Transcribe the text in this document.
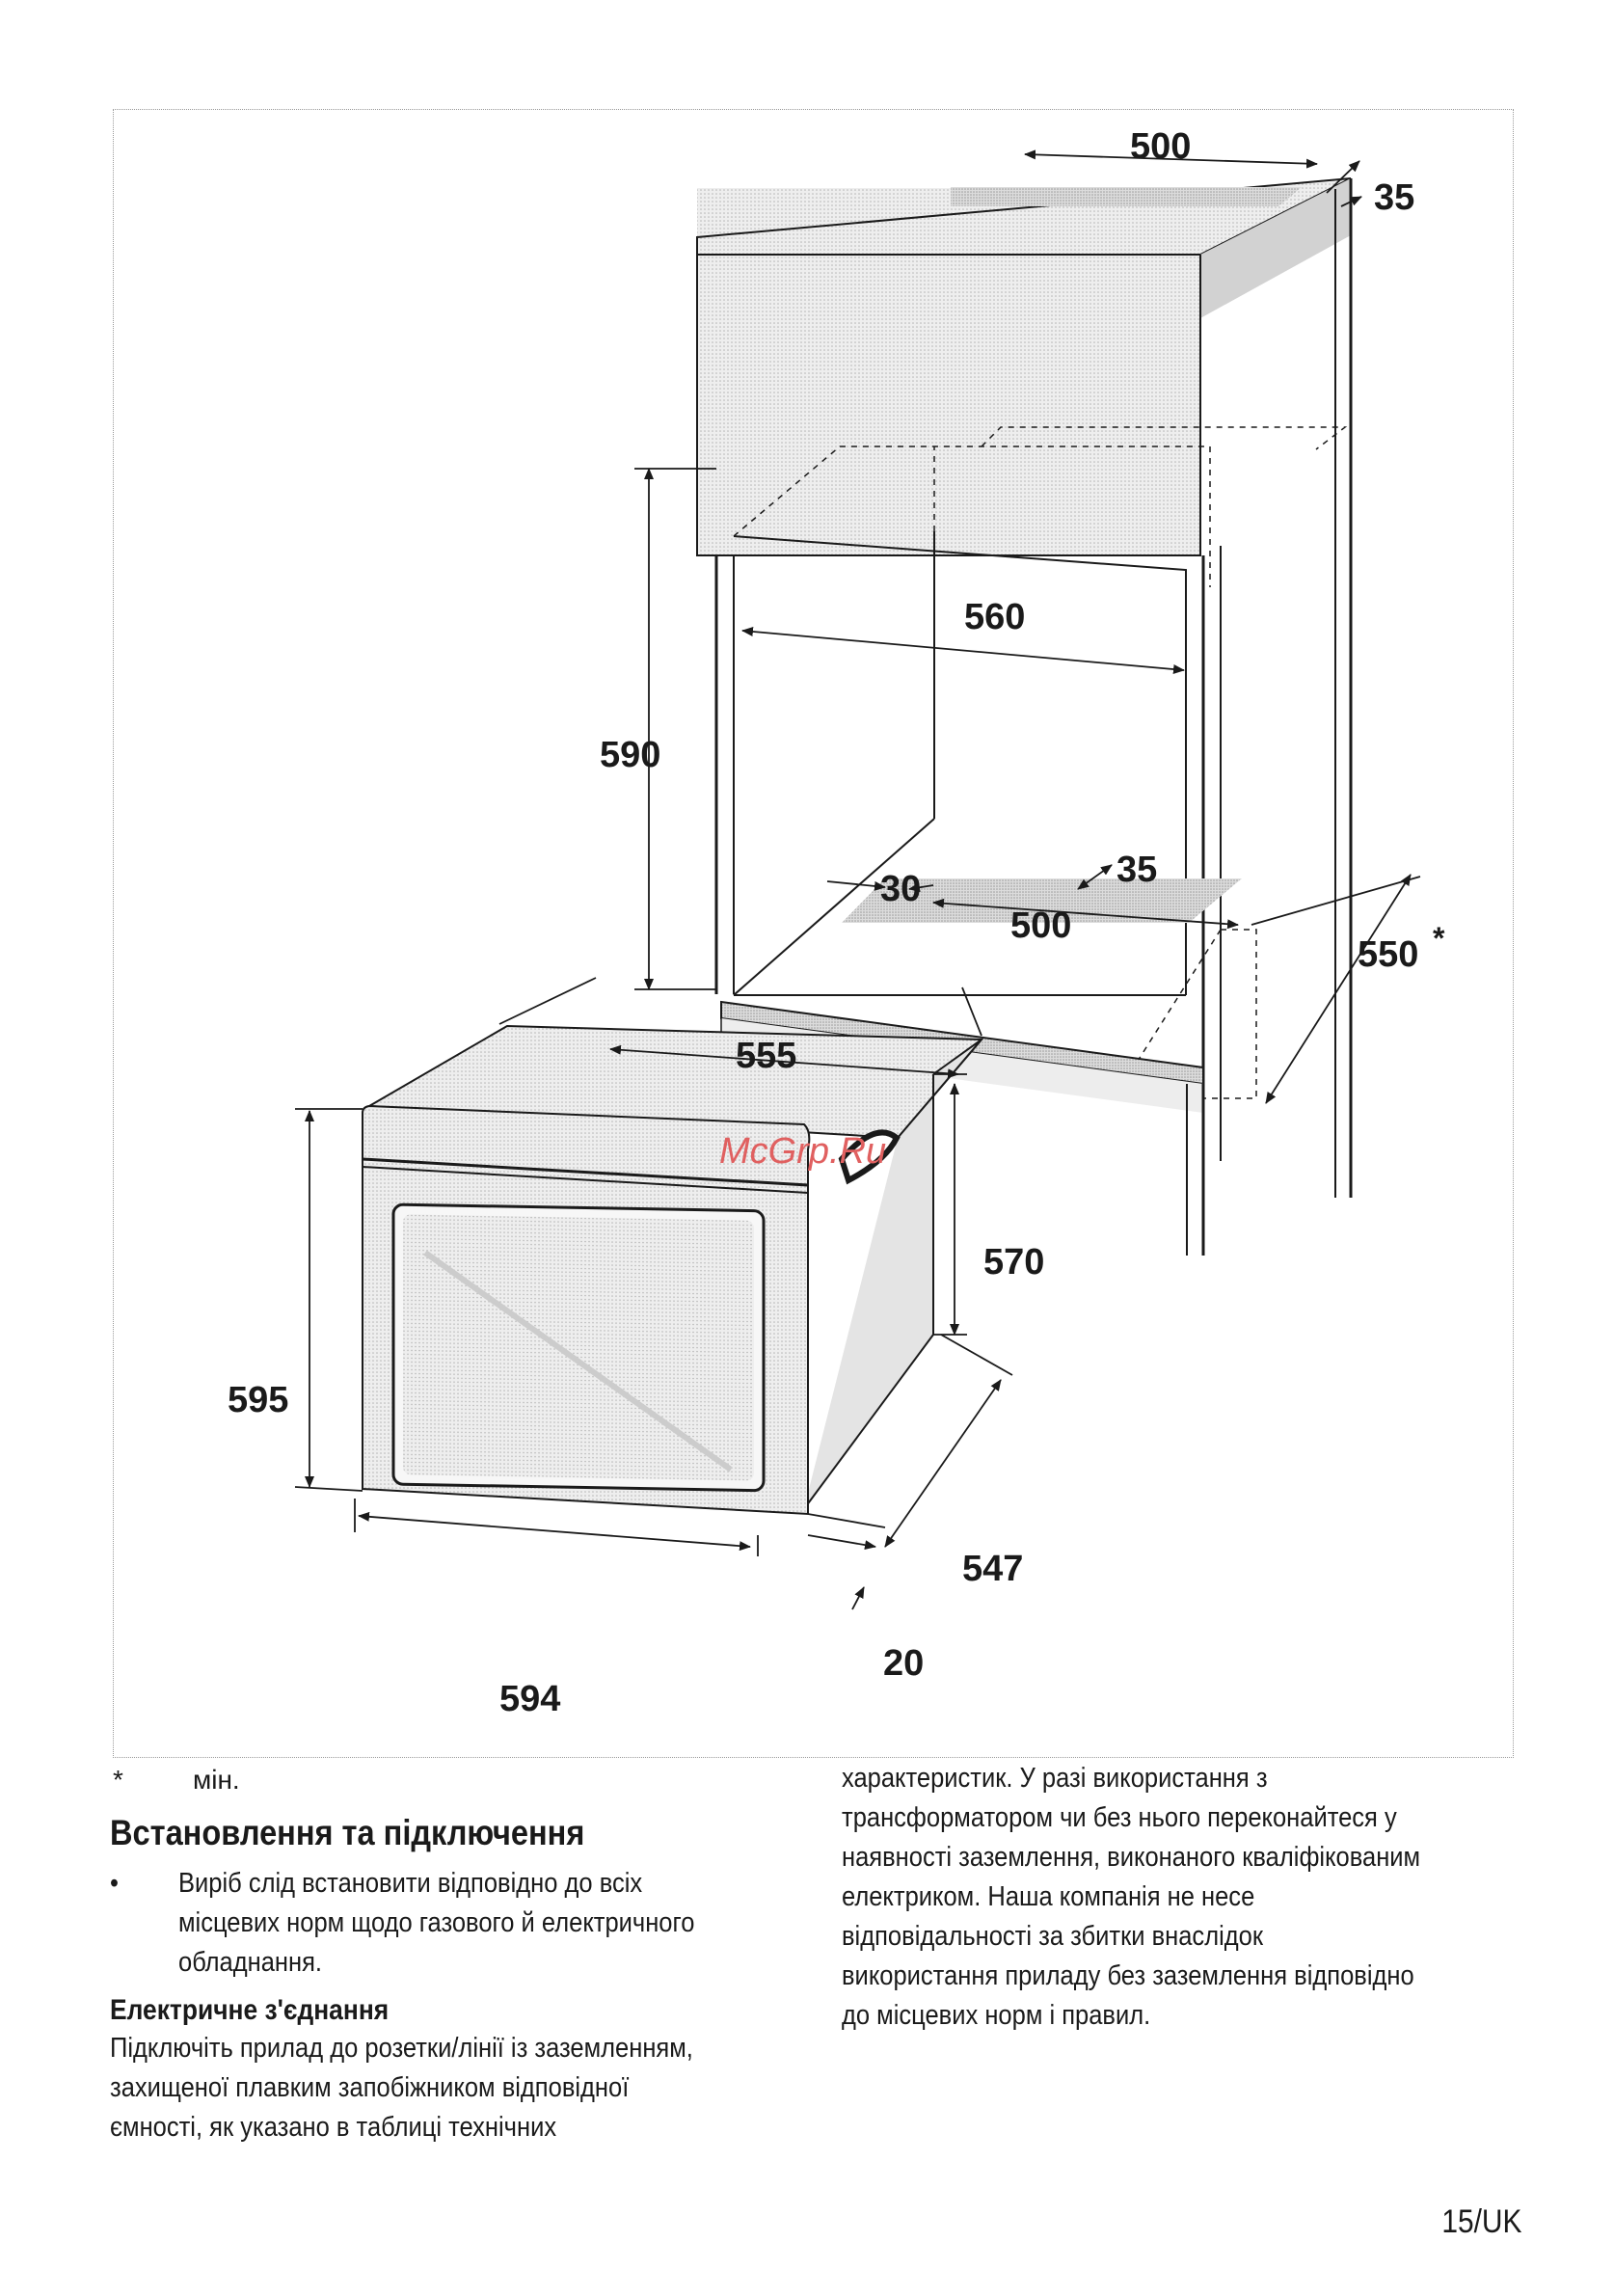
500
35
560
590
30	35
500
550 *
555
570
595
547
20
594
McGrp.Ru
*	мін.
Встановлення та підключення
• Виріб слід встановити відповідно до всіх
місцевих норм щодо газового й електричного
обладнання.
Електричне з'єднання
Підключіть прилад до розетки/лінії із заземленням,
захищеної плавким запобіжником відповідної
ємності, як указано в таблиці технічних
характеристик. У разі використання з
трансформатором чи без нього переконайтеся у
наявності заземлення, виконаного кваліфікованим
електриком. Наша компанія не несе
відповідальності за збитки внаслідок
використання приладу без заземлення відповідно
до місцевих норм і правил.
15/UK
